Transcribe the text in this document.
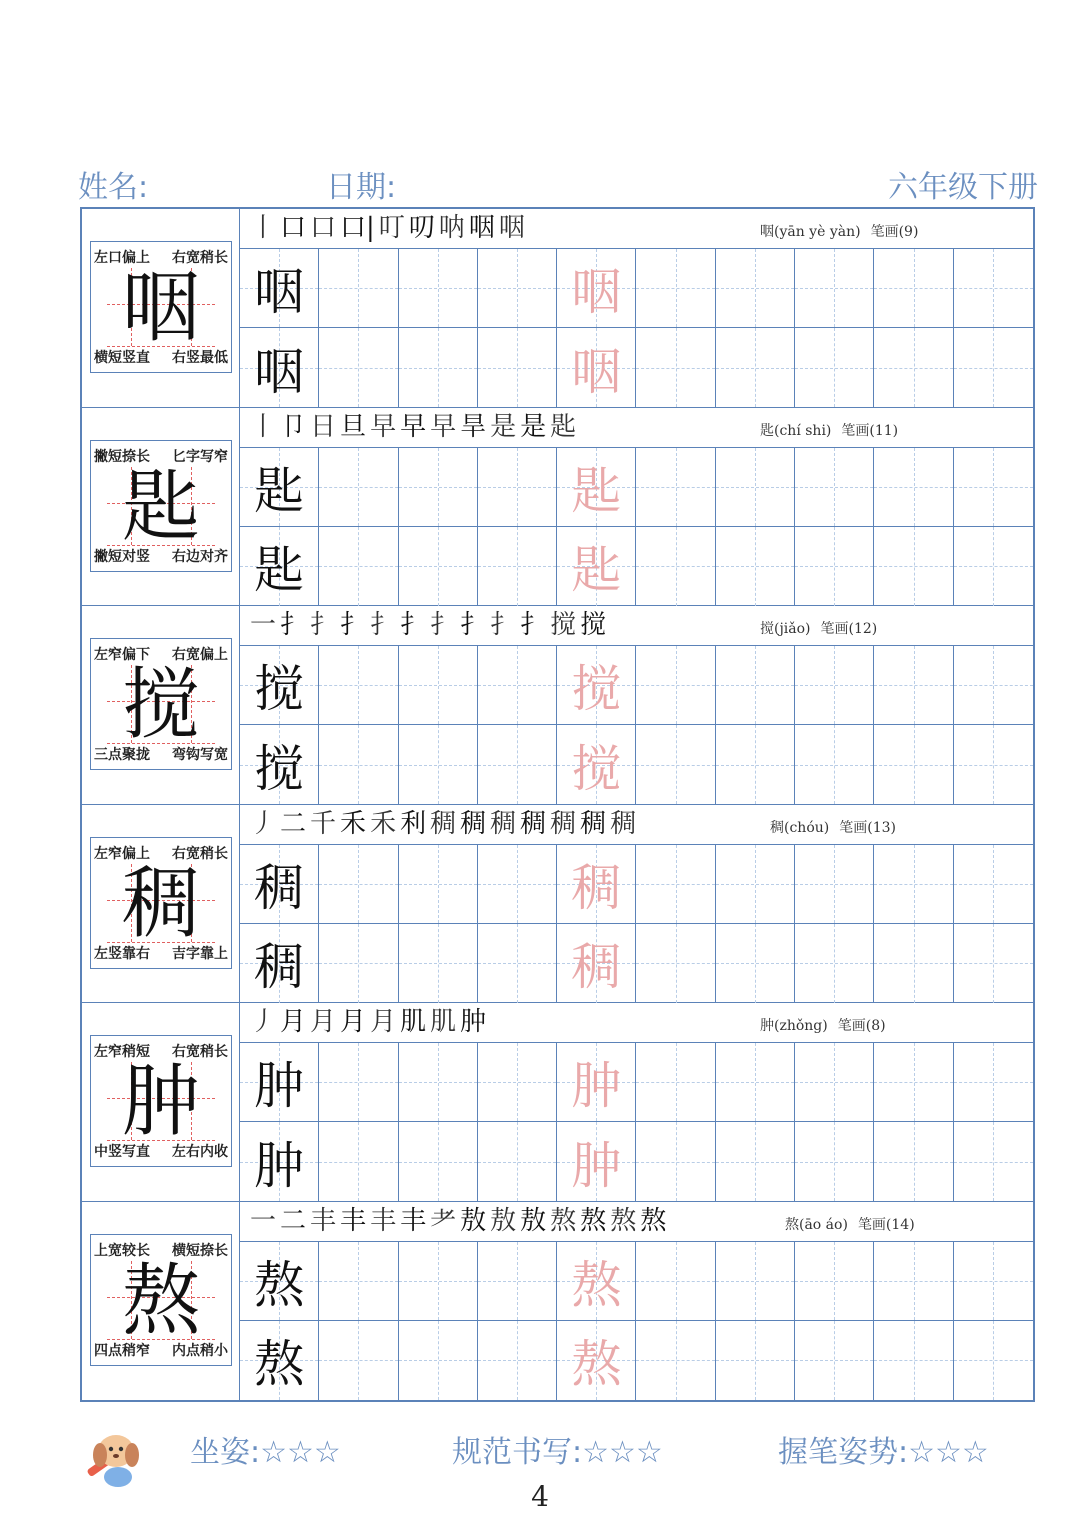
姓名:	日期:	六年级下册
左口偏上 右宽稍长
横短竖直 右竖最低
咽
丨 口 口 口| 叮 叨 呐 咽 咽	咽(yān yè yàn) 笔画(9)
咽	咽
咽	咽
撇短捺长 匕字写窄
撇短对竖 右边对齐
匙
丨 卩 日 旦 早 早 早 旱 是 是 匙	匙(chí shi) 笔画(11)
匙	匙
匙	匙
左窄偏下 右宽偏上
三点聚拢 弯钩写宽
搅
一 扌 扌 扌 扌 扌 扌 扌 扌 扌 搅 搅	搅(jiǎo) 笔画(12)
搅	搅
搅	搅
左窄偏上 右宽稍长
左竖靠右 吉字靠上
稠
丿 二 千 禾 禾 利 稠 稠 稠 稠 稠 稠 稠	稠(chóu) 笔画(13)
稠	稠
稠	稠
左窄稍短 右宽稍长
中竖写直 左右内收
肿
丿 月 月 月 月 肌 肌 肿	肿(zhǒng) 笔画(8)
肿	肿
肿	肿
上宽较长 横短捺长
四点稍窄 内点稍小
熬
一 二 丰 丰 丰 丰 耂 敖 敖 敖 熬 熬 熬 熬	熬(āo áo) 笔画(14)
熬	熬
熬	熬
坐姿:☆☆☆	规范书写:☆☆☆	握笔姿势:☆☆☆
4
